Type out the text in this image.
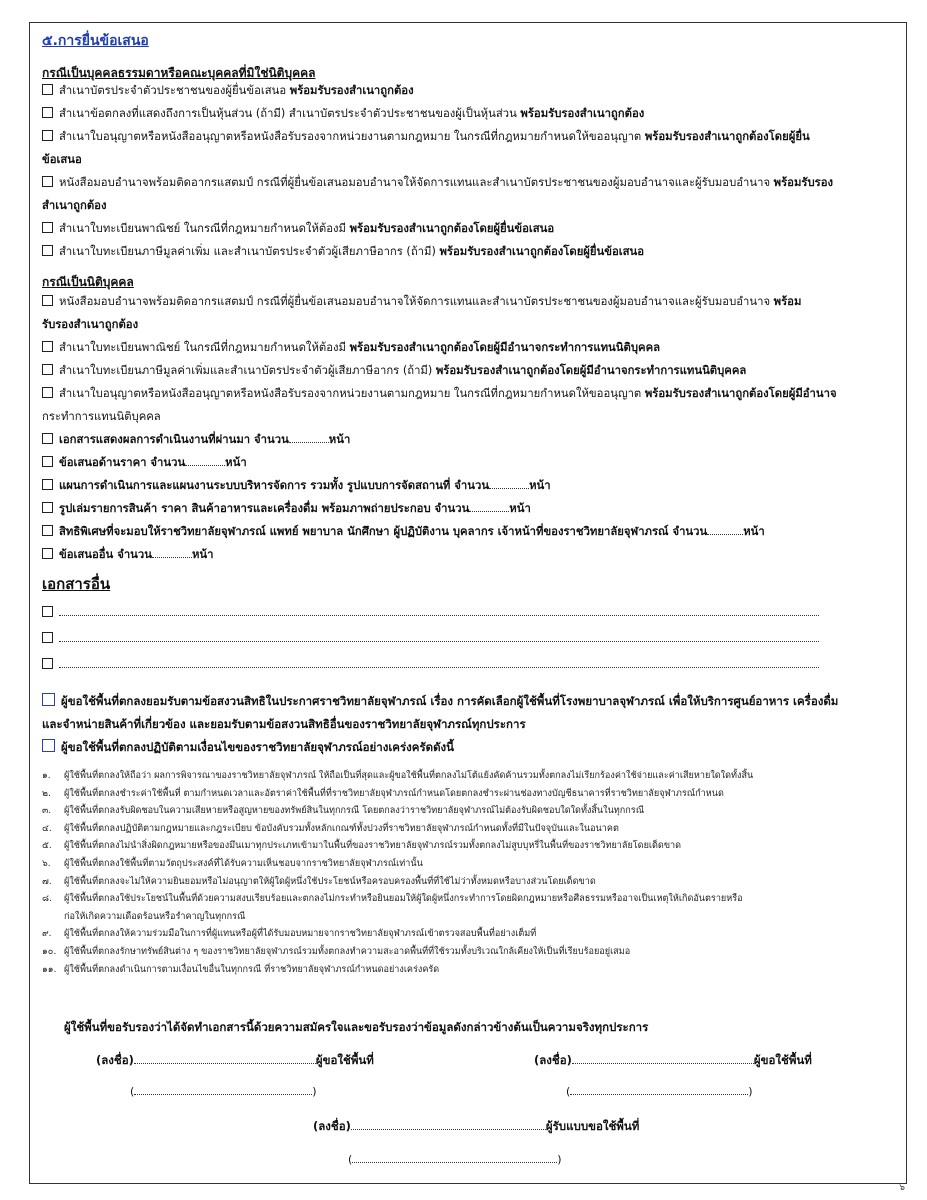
๕.การยื่นข้อเสนอ
กรณีเป็นบุคคลธรรมดาหรือคณะบุคคลที่มิใช่นิติบุคคล
สำเนาบัตรประจำตัวประชาชนของผู้ยื่นข้อเสนอ พร้อมรับรองสำเนาถูกต้อง
สำเนาข้อตกลงที่แสดงถึงการเป็นหุ้นส่วน (ถ้ามี) สำเนาบัตรประจำตัวประชาชนของผู้เป็นหุ้นส่วน พร้อมรับรองสำเนาถูกต้อง
สำเนาใบอนุญาตหรือหนังสืออนุญาตหรือหนังสือรับรองจากหน่วยงานตามกฎหมาย ในกรณีที่กฎหมายกำหนดให้ขออนุญาต พร้อมรับรองสำเนาถูกต้องโดยผู้ยื่น
ข้อเสนอ
หนังสือมอบอำนาจพร้อมติดอากรแสตมป์ กรณีที่ผู้ยื่นข้อเสนอมอบอำนาจให้จัดการแทนและสำเนาบัตรประชาชนของผู้มอบอำนาจและผู้รับมอบอำนาจ พร้อมรับรอง
สำเนาถูกต้อง
สำเนาใบทะเบียนพาณิชย์ ในกรณีที่กฎหมายกำหนดให้ต้องมี พร้อมรับรองสำเนาถูกต้องโดยผู้ยื่นข้อเสนอ
สำเนาใบทะเบียนภาษีมูลค่าเพิ่ม และสำเนาบัตรประจำตัวผู้เสียภาษีอากร (ถ้ามี) พร้อมรับรองสำเนาถูกต้องโดยผู้ยื่นข้อเสนอ
กรณีเป็นนิติบุคคล
หนังสือมอบอำนาจพร้อมติดอากรแสตมป์ กรณีที่ผู้ยื่นข้อเสนอมอบอำนาจให้จัดการแทนและสำเนาบัตรประชาชนของผู้มอบอำนาจและผู้รับมอบอำนาจ พร้อม
รับรองสำเนาถูกต้อง
สำเนาใบทะเบียนพาณิชย์ ในกรณีที่กฎหมายกำหนดให้ต้องมี พร้อมรับรองสำเนาถูกต้องโดยผู้มีอำนาจกระทำการแทนนิติบุคคล
สำเนาใบทะเบียนภาษีมูลค่าเพิ่มและสำเนาบัตรประจำตัวผู้เสียภาษีอากร (ถ้ามี) พร้อมรับรองสำเนาถูกต้องโดยผู้มีอำนาจกระทำการแทนนิติบุคคล
สำเนาใบอนุญาตหรือหนังสืออนุญาตหรือหนังสือรับรองจากหน่วยงานตามกฎหมาย ในกรณีที่กฎหมายกำหนดให้ขออนุญาต พร้อมรับรองสำเนาถูกต้องโดยผู้มีอำนาจ
กระทำการแทนนิติบุคคล
เอกสารแสดงผลการดำเนินงานที่ผ่านมา จำนวน	หน้า
ข้อเสนอด้านราคา จำนวน	หน้า
แผนการดำเนินการและแผนงานระบบบริหารจัดการ รวมทั้ง รูปแบบการจัดสถานที่ จำนวน	หน้า
รูปเล่มรายการสินค้า ราคา สินค้าอาหารและเครื่องดื่ม พร้อมภาพถ่ายประกอบ จำนวน	หน้า
สิทธิพิเศษที่จะมอบให้ราชวิทยาลัยจุฬาภรณ์ แพทย์ พยาบาล นักศึกษา ผู้ปฏิบัติงาน บุคลากร เจ้าหน้าที่ของราชวิทยาลัยจุฬาภรณ์ จำนวน	หน้า
ข้อเสนออื่น จำนวน	หน้า
เอกสารอื่น
ผู้ขอใช้พื้นที่ตกลงยอมรับตามข้อสงวนสิทธิในประกาศราชวิทยาลัยจุฬาภรณ์ เรื่อง การคัดเลือกผู้ใช้พื้นที่โรงพยาบาลจุฬาภรณ์ เพื่อให้บริการศูนย์อาหาร เครื่องดื่ม
และจำหน่ายสินค้าที่เกี่ยวข้อง และยอมรับตามข้อสงวนสิทธิอื่นของราชวิทยาลัยจุฬาภรณ์ทุกประการ
ผู้ขอใช้พื้นที่ตกลงปฏิบัติตามเงื่อนไขของราชวิทยาลัยจุฬาภรณ์อย่างเคร่งครัดดังนี้
๑. ผู้ใช้พื้นที่ตกลงให้ถือว่า ผลการพิจารณาของราชวิทยาลัยจุฬาภรณ์ ให้ถือเป็นที่สุดและผู้ขอใช้พื้นที่ตกลงไม่โต้แย้งคัดค้านรวมทั้งตกลงไม่เรียกร้องค่าใช้จ่ายและค่าเสียหายใดใดทั้งสิ้น
๒. ผู้ใช้พื้นที่ตกลงชำระค่าใช้พื้นที่ ตามกำหนดเวลาและอัตราค่าใช้พื้นที่ที่ราชวิทยาลัยจุฬาภรณ์กำหนดโดยตกลงชำระผ่านช่องทางบัญชีธนาคารที่ราชวิทยาลัยจุฬาภรณ์กำหนด
๓. ผู้ใช้พื้นที่ตกลงรับผิดชอบในความเสียหายหรือสูญหายของทรัพย์สินในทุกกรณี โดยตกลงว่าราชวิทยาลัยจุฬาภรณ์ไม่ต้องรับผิดชอบใดใดทั้งสิ้นในทุกกรณี
๔. ผู้ใช้พื้นที่ตกลงปฏิบัติตามกฎหมายและกฎระเบียบ ข้อบังคับรวมทั้งหลักเกณฑ์ทั้งปวงที่ราชวิทยาลัยจุฬาภรณ์กำหนดทั้งที่มีในปัจจุบันและในอนาคต
๕. ผู้ใช้พื้นที่ตกลงไม่นำสิ่งผิดกฎหมายหรือของมึนเมาทุกประเภทเข้ามาในพื้นที่ของราชวิทยาลัยจุฬาภรณ์รวมทั้งตกลงไม่สูบบุหรี่ในพื้นที่ของราชวิทยาลัยโดยเด็ดขาด
๖. ผู้ใช้พื้นที่ตกลงใช้พื้นที่ตามวัตถุประสงค์ที่ได้รับความเห็นชอบจากราชวิทยาลัยจุฬาภรณ์เท่านั้น
๗. ผู้ใช้พื้นที่ตกลงจะไม่ให้ความยินยอมหรือไม่อนุญาตให้ผู้ใดผู้หนึ่งใช้ประโยชน์หรือครอบครองพื้นที่ที่ใช้ไม่ว่าทั้งหมดหรือบางส่วนโดยเด็ดขาด
๘. ผู้ใช้พื้นที่ตกลงใช้ประโยชน์ในพื้นที่ด้วยความสงบเรียบร้อยและตกลงไม่กระทำหรือยินยอมให้ผู้ใดผู้หนึ่งกระทำการโดยผิดกฎหมายหรือศีลธรรมหรืออาจเป็นเหตุให้เกิดอันตรายหรือ
ก่อให้เกิดความเดือดร้อนหรือรำคาญในทุกกรณี
๙. ผู้ใช้พื้นที่ตกลงให้ความร่วมมือในการที่ผู้แทนหรือผู้ที่ได้รับมอบหมายจากราชวิทยาลัยจุฬาภรณ์เข้าตรวจสอบพื้นที่อย่างเต็มที่
๑๐. ผู้ใช้พื้นที่ตกลงรักษาทรัพย์สินต่าง ๆ ของราชวิทยาลัยจุฬาภรณ์รวมทั้งตกลงทำความสะอาดพื้นที่ที่ใช้รวมทั้งบริเวณใกล้เคียงให้เป็นที่เรียบร้อยอยู่เสมอ
๑๑. ผู้ใช้พื้นที่ตกลงดำเนินการตามเงื่อนไขอื่นในทุกกรณี ที่ราชวิทยาลัยจุฬาภรณ์กำหนดอย่างเคร่งครัด
ผู้ใช้พื้นที่ขอรับรองว่าได้จัดทำเอกสารนี้ด้วยความสมัครใจและขอรับรองว่าข้อมูลดังกล่าวข้างต้นเป็นความจริงทุกประการ
(ลงชื่อ)	ผู้ขอใช้พื้นที่	(ลงชื่อ)	ผู้ขอใช้พื้นที่
(	)	(	)
(ลงชื่อ)	ผู้รับแบบขอใช้พื้นที่
(	)
๖
